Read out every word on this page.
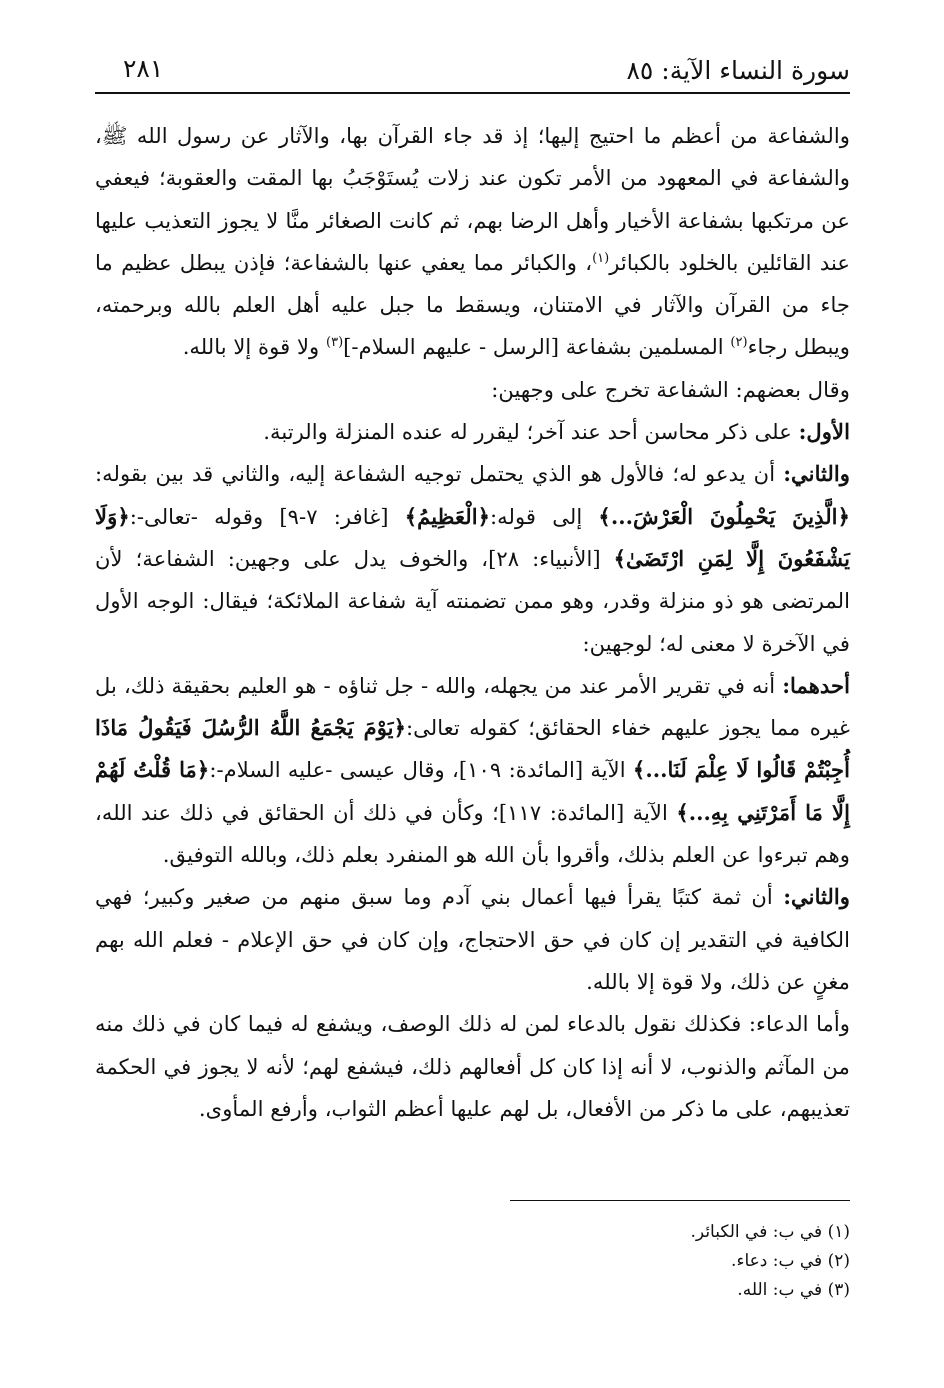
سورة النساء الآية: ٨٥
٢٨١

والشفاعة من أعظم ما احتيج إليها؛ إذ قد جاء القرآن بها، والآثار عن رسول الله ﷺ، والشفاعة في المعهود من الأمر تكون عند زلات يُستَوْجَبُ بها المقت والعقوبة؛ فيعفي عن مرتكبها بشفاعة الأخيار وأهل الرضا بهم، ثم كانت الصغائر منَّا لا يجوز التعذيب عليها عند القائلين بالخلود بالكبائر$^{(١)}$، والكبائر مما يعفي عنها بالشفاعة؛ فإذن يبطل عظيم ما جاء من القرآن والآثار في الامتنان، ويسقط ما جبل عليه أهل العلم بالله وبرحمته، ويبطل رجاء$^{(٢)}$ المسلمين بشفاعة [الرسل - عليهم السلام-]$^{(٣)}$ ولا قوة إلا بالله.

وقال بعضهم: الشفاعة تخرج على وجهين:

الأول: على ذكر محاسن أحد عند آخر؛ ليقرر له عنده المنزلة والرتبة.

والثاني: أن يدعو له؛ فالأول هو الذي يحتمل توجيه الشفاعة إليه، والثاني قد بين بقوله:﴿الَّذِينَ يَحْمِلُونَ الْعَرْشَ...﴾ إلى قوله:﴿الْعَظِيمُ﴾ [غافر: ٧-٩] وقوله -تعالى-:﴿وَلَا يَشْفَعُونَ إِلَّا لِمَنِ ارْتَضَىٰ﴾ [الأنبياء: ٢٨]، والخوف يدل على وجهين: الشفاعة؛ لأن المرتضى هو ذو منزلة وقدر، وهو ممن تضمنته آية شفاعة الملائكة؛ فيقال: الوجه الأول في الآخرة لا معنى له؛ لوجهين:

أحدهما: أنه في تقرير الأمر عند من يجهله، والله - جل ثناؤه - هو العليم بحقيقة ذلك، بل غيره مما يجوز عليهم خفاء الحقائق؛ كقوله تعالى:﴿يَوْمَ يَجْمَعُ اللَّهُ الرُّسُلَ فَيَقُولُ مَاذَا أُجِبْتُمْ قَالُوا لَا عِلْمَ لَنَا...﴾ الآية [المائدة: ١٠٩]، وقال عيسى -عليه السلام-:﴿مَا قُلْتُ لَهُمْ إِلَّا مَا أَمَرْتَنِي بِهِ...﴾ الآية [المائدة: ١١٧]؛ وكأن في ذلك أن الحقائق في ذلك عند الله، وهم تبرءوا عن العلم بذلك، وأقروا بأن الله هو المنفرد بعلم ذلك، وبالله التوفيق.

والثاني: أن ثمة كتبًا يقرأ فيها أعمال بني آدم وما سبق منهم من صغير وكبير؛ فهي الكافية في التقدير إن كان في حق الاحتجاج، وإن كان في حق الإعلام - فعلم الله بهم مغنٍ عن ذلك، ولا قوة إلا بالله.

وأما الدعاء: فكذلك نقول بالدعاء لمن له ذلك الوصف، ويشفع له فيما كان في ذلك منه من المآثم والذنوب، لا أنه إذا كان كل أفعالهم ذلك، فيشفع لهم؛ لأنه لا يجوز في الحكمة تعذيبهم، على ما ذكر من الأفعال، بل لهم عليها أعظم الثواب، وأرفع المأوى.

(١) في ب: في الكبائر.
(٢) في ب: دعاء.
(٣) في ب: الله.
